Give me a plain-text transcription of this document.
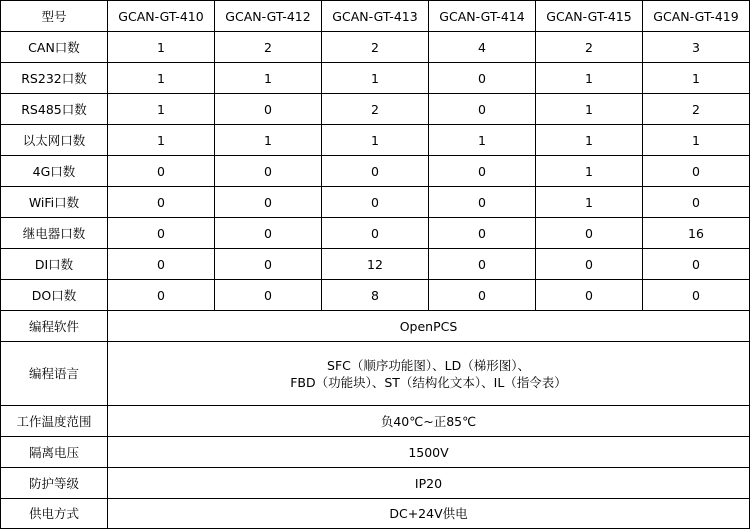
型号	GCAN-GT-410	GCAN-GT-412	GCAN-GT-413	GCAN-GT-414	GCAN-GT-415	GCAN-GT-419
CAN口数	1	2	2	4	2	3
RS232口数	1	1	1	0	1	1
RS485口数	1	0	2	0	1	2
以太网口数	1	1	1	1	1	1
4G口数	0	0	0	0	1	0
WiFi口数	0	0	0	0	1	0
继电器口数	0	0	0	0	0	16
DI口数	0	0	12	0	0	0
DO口数	0	0	8	0	0	0
编程软件	OpenPCS					
编程语言	SFC（顺序功能图）、LD（梯形图）、
FBD（功能块）、ST（结构化文本）、IL（指令表）					

工作温度范围	负40℃~正85℃					
隔离电压	1500V					
防护等级	IP20					
供电方式	DC+24V供电					
